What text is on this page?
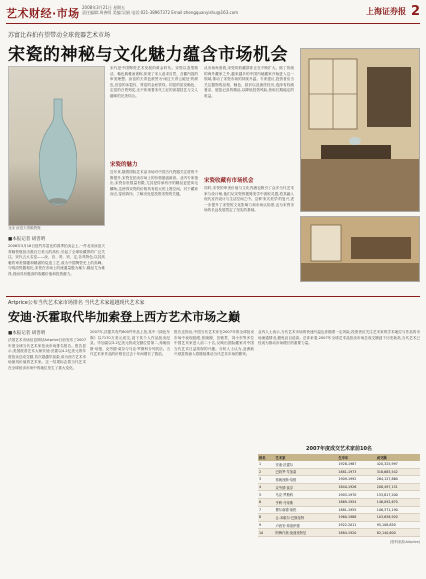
艺术财经·市场 2008年3月21日 星期五
责任编辑:周善明 美编:吴娟 电话:021-38967372 Email:zhengquanyishu@163.com	上海证券报 2
苏富比春拍有望带动全球瓷器艺术市场
宋瓷的神秘与文化魅力蕴含市场机会
北宋 汝窑天青釉瓷瓶
■本报记者 胡善明
2008年3月18日纽约苏富比的春季拍卖会上,一件北宋汝窑天青釉瓷瓶拍出数百万美元的高价,引起了全球收藏界的广泛关注。宋代五大名窑——汝、官、哥、钧、定,各具特色,以其高雅的审美情趣和精湛的烧造工艺,成为中国陶瓷史上的高峰。与明清瓷器相比,宋瓷在市场上的流通量极为稀少,精品尤为难得,因而具有极高的收藏价值和投资潜力。
宋瓷的魅力
宋代是中国陶瓷艺术发展的黄金时代。宋瓷以造型简洁、釉色典雅而著称,体现了宋人追求自然、含蓄内敛的审美理想。汝窑的天青色被誉为'雨过天青云破处'的颜色,官窑的冰裂纹、哥窑的金丝铁线、钧窑的窑变釉色、定窑的白瓷刻花,无不体现着宋代工匠的高超技艺与文人趣味的完美结合。
近年来,随着国际艺术品市场对中国古代瓷器关注度的不断提升,宋瓷在拍卖市场上的价格屡创新高。业内专家指出,宋瓷存世数量有限,尤其是传承有序的精品更是凤毛麟角,这使得宋瓷的价格具有较大的上涨空间。对于藏家而言,鉴别真伪、了解出处是投资宋瓷的关键。
从市场角度看,宋瓷的收藏群体正在不断扩大。除了传统的海外藏家之外,越来越多的中国内地藏家开始进入这一领域,推动了宋瓷市场的持续升温。专家建议,投资者应当关注器物的品相、釉色、款识以及流传经历,选择有权威著录、展览记录的精品,以降低投资风险,获取长期稳定的收益。
宋瓷收藏有市场机会
同时,宋瓷的审美价值与文化内涵也吸引了众多当代艺术家与设计师,他们从宋瓷的极简美学中汲取灵感,将其融入现代室内设计与生活空间之中。这种'宋式美学'的复兴,进一步提升了宋瓷的文化影响力和市场认知度,也为宋瓷市场的长远发展奠定了坚实的基础。
Artprice公布当代艺术家市场排名 当代艺术家超越现代艺术家
安迪·沃霍取代毕加索登上西方艺术市场之巅
■本报记者 胡善明
法国艺术市场信息网站Artprice日前发布了2007年度全球当代艺术家拍卖市场排名报告。报告显示,美国波普艺术大师安迪·沃霍以4.2亿美元的年度拍卖总成交额,首次超越毕加索,成为西方艺术市场最具价值的艺术家。这一结果标志着当代艺术在全球拍卖市场中的地位发生了重大变化。
2007年,沃霍共有约800件作品上拍,其中《绿色车祸》以7170万美元成交,创下其个人作品拍卖纪录。毕加索以3.2亿美元的成交额位居第二,弗朗西斯·培根、克劳德·莫奈与马克·罗斯科分列其后。当代艺术家作品的价格在过去十年间增长了数倍。
报告还指出,中国当代艺术家在2007年的全球拍卖市场中表现抢眼,张晓刚、岳敏君、刘小东等多位中国艺术家进入前二十名,反映出国际藏家对中国当代艺术日益浓厚的兴趣。分析人士认为,亚洲新兴财富的涌入将继续推动当代艺术市场的繁荣。
业内人士表示,当代艺术市场的快速升温也伴随着一定风险,投资者应关注艺术家的学术地位与作品的市场流通情况,避免盲目追高。总体来看,2007年全球艺术品拍卖市场总成交额创下历史新高,当代艺术已经成为推动市场增长的重要力量。
2007年度成交艺术家前10名
排名	艺术家	生卒年	成交额
1	安迪·沃霍尔	1928-1987	420,325,997
2	巴勃罗·毕加索	1881-1973	318,685,542
3	弗朗西斯·培根	1909-1992	264,127,860
4	克劳德·莫奈	1840-1926	208,497,151
5	马克·罗斯科	1903-1970	153,817,200
6	亨利·马蒂斯	1869-1954	146,092,670
7	费尔南德·莱热	1881-1955	106,371,190
8	让-米歇尔·巴斯奎特	1960-1988	103,658,920
9	卢西安·弗洛伊德	1922-2011	95,108,850
10	阿梅代奥·莫迪里阿尼	1884-1920	82,140,600
(资料来源:Artprice)
